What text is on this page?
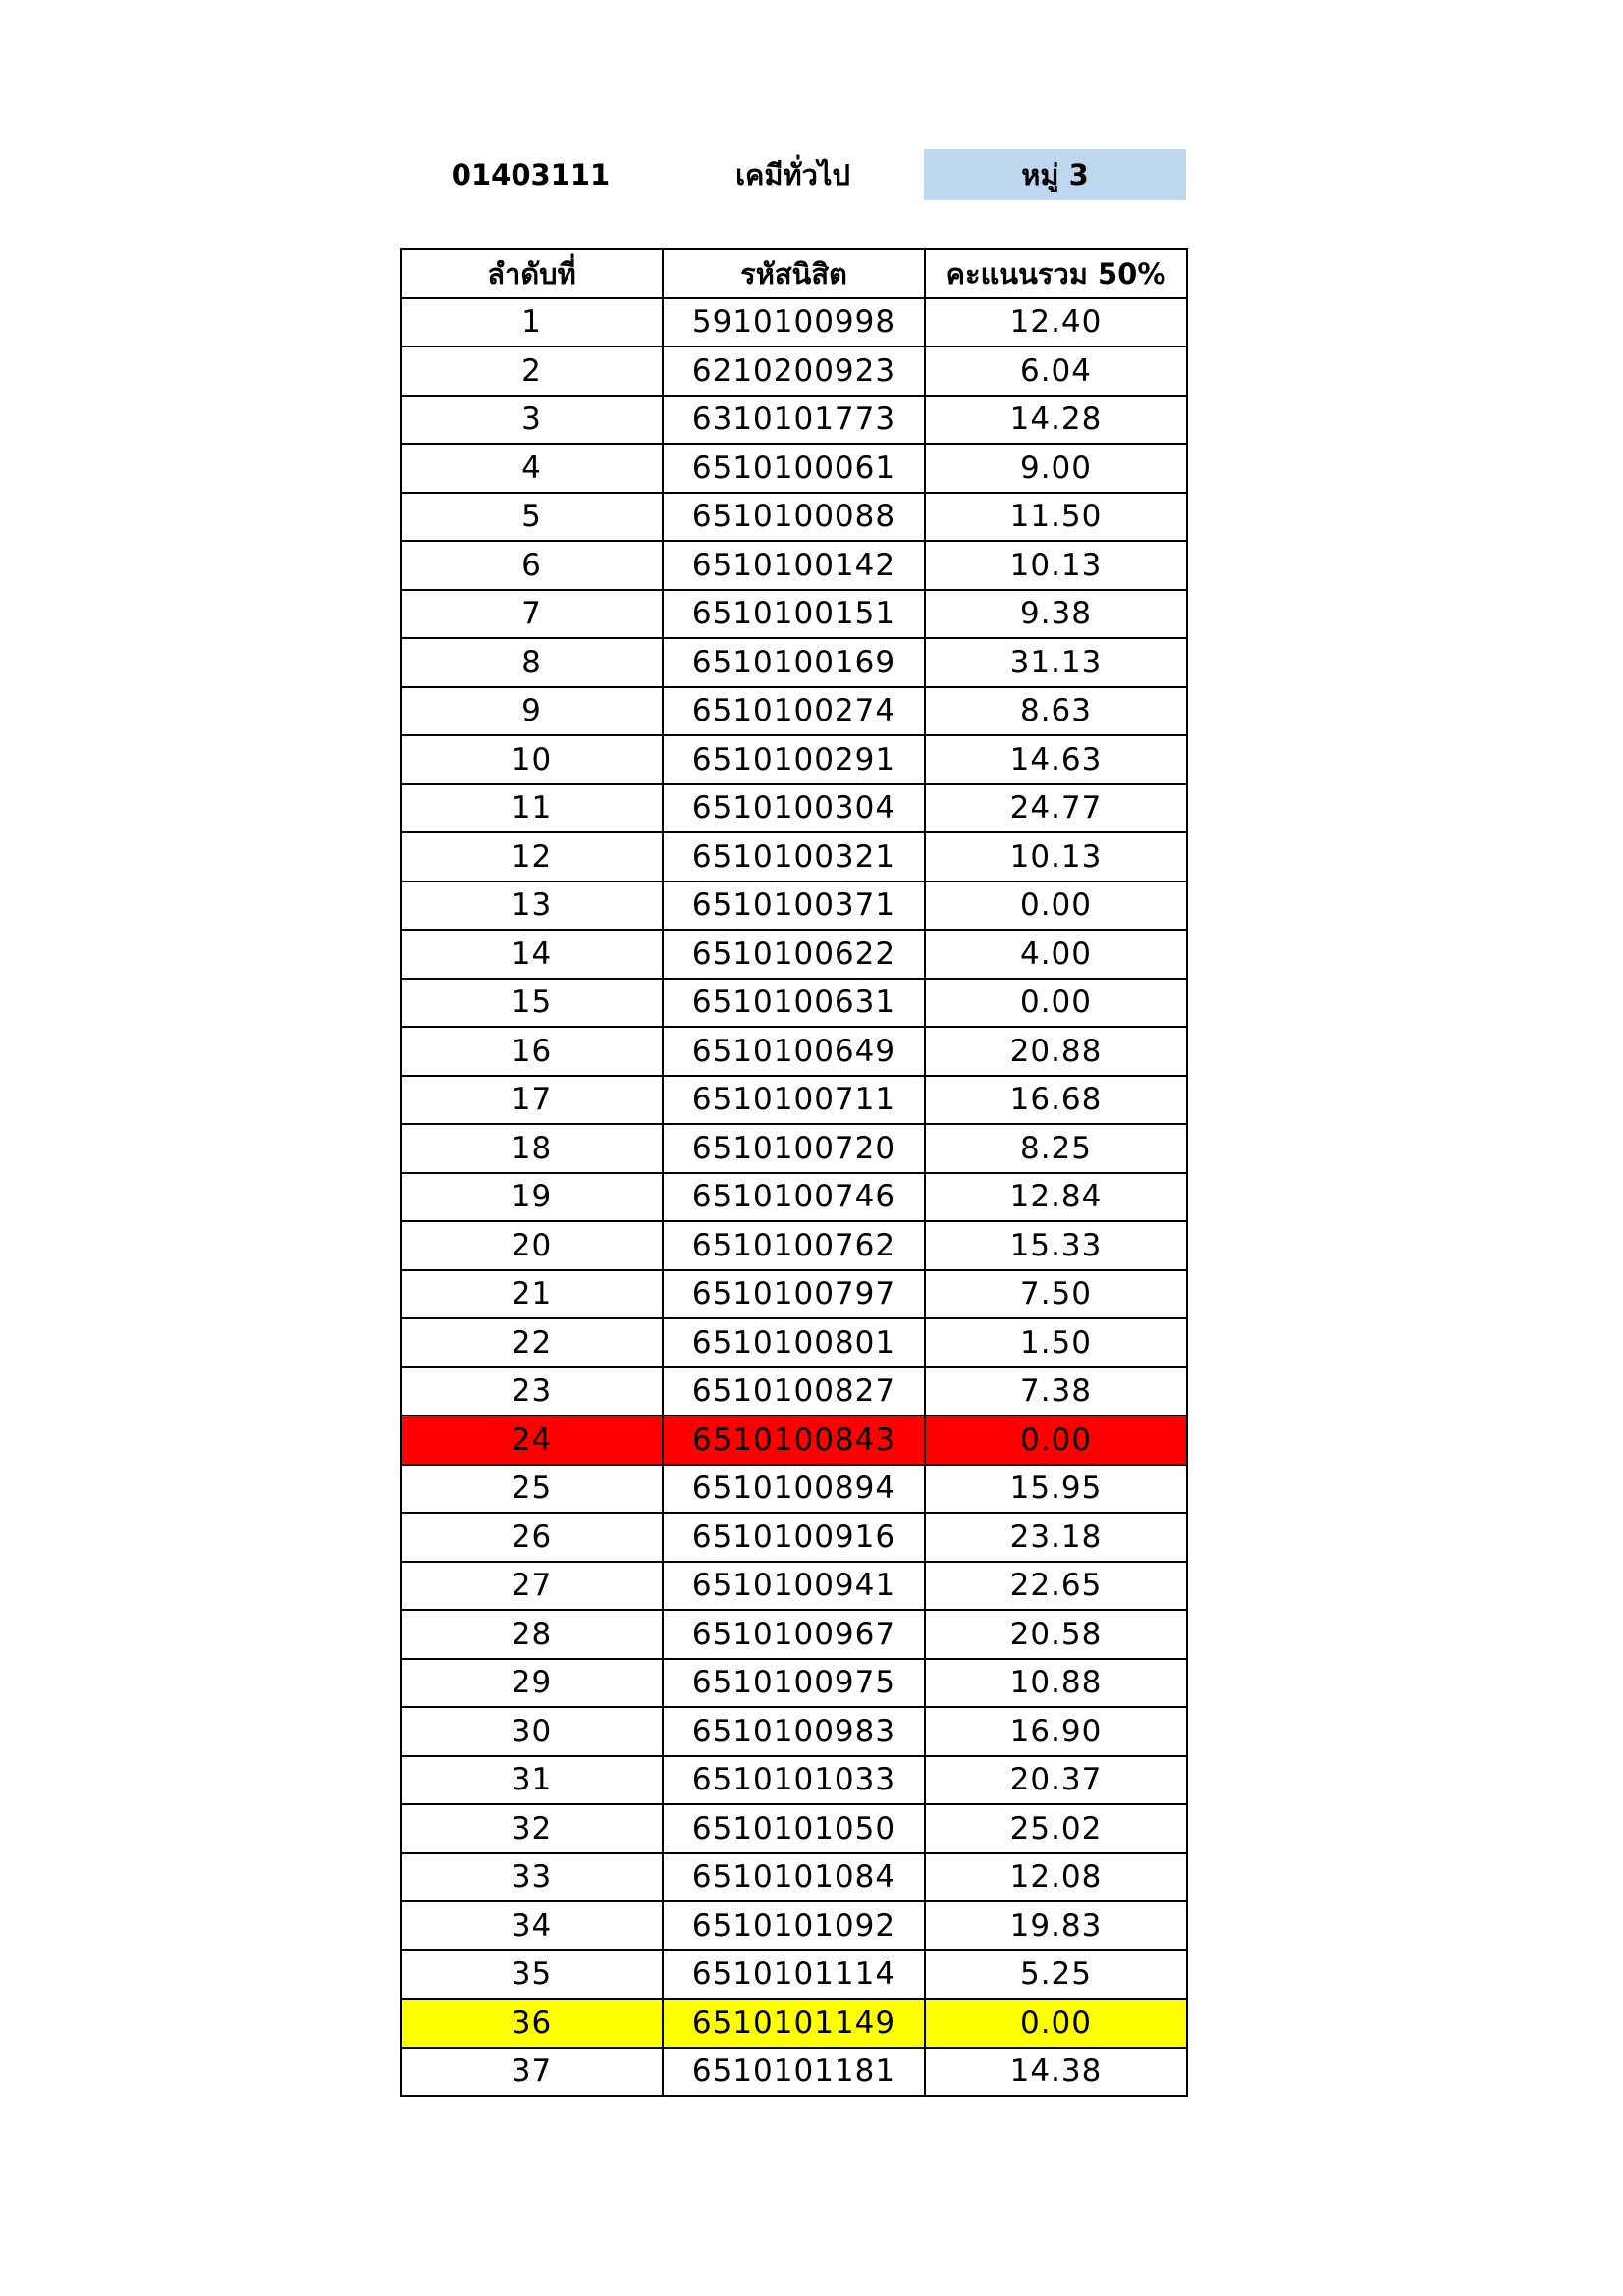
01403111	เคมีทั่วไป	หมู่ 3
ลำดับที่	รหัสนิสิต	คะแนนรวม 50%
1	5910100998	12.40
2	6210200923	6.04
3	6310101773	14.28
4	6510100061	9.00
5	6510100088	11.50
6	6510100142	10.13
7	6510100151	9.38
8	6510100169	31.13
9	6510100274	8.63
10	6510100291	14.63
11	6510100304	24.77
12	6510100321	10.13
13	6510100371	0.00
14	6510100622	4.00
15	6510100631	0.00
16	6510100649	20.88
17	6510100711	16.68
18	6510100720	8.25
19	6510100746	12.84
20	6510100762	15.33
21	6510100797	7.50
22	6510100801	1.50
23	6510100827	7.38
24	6510100843	0.00
25	6510100894	15.95
26	6510100916	23.18
27	6510100941	22.65
28	6510100967	20.58
29	6510100975	10.88
30	6510100983	16.90
31	6510101033	20.37
32	6510101050	25.02
33	6510101084	12.08
34	6510101092	19.83
35	6510101114	5.25
36	6510101149	0.00
37	6510101181	14.38
